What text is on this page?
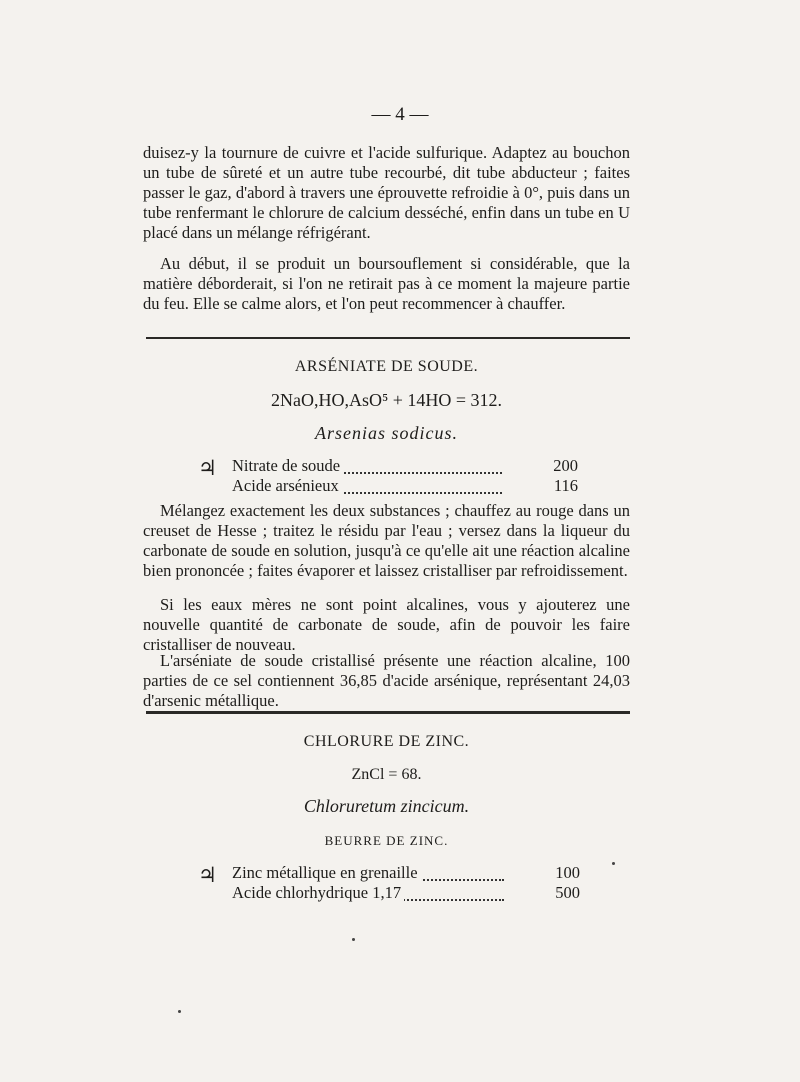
— 4 —

duisez-y la tournure de cuivre et l'acide sulfurique. Adaptez au bouchon un tube de sûreté et un autre tube recourbé, dit tube abducteur ; faites passer le gaz, d'abord à travers une éprouvette refroidie à 0°, puis dans un tube renfermant le chlorure de calcium desséché, enfin dans un tube en U placé dans un mélange réfrigérant.

Au début, il se produit un boursouflement si considérable, que la matière déborderait, si l'on ne retirait pas à ce moment la majeure partie du feu. Elle se calme alors, et l'on peut recommencer à chauffer.

ARSÉNIATE DE SOUDE.
2NaO,HO,AsO⁵ + 14HO = 312.
Arsenias sodicus.
♃ Nitrate de soude	200
Acide arsénieux	116

Mélangez exactement les deux substances ; chauffez au rouge dans un creuset de Hesse ; traitez le résidu par l'eau ; versez dans la liqueur du carbonate de soude en solution, jusqu'à ce qu'elle ait une réaction alcaline bien prononcée ; faites évaporer et laissez cristalliser par refroidissement.

Si les eaux mères ne sont point alcalines, vous y ajouterez une nouvelle quantité de carbonate de soude, afin de pouvoir les faire cristalliser de nouveau.

L'arséniate de soude cristallisé présente une réaction alcaline, 100 parties de ce sel contiennent 36,85 d'acide arsénique, représentant 24,03 d'arsenic métallique.

CHLORURE DE ZINC.
ZnCl = 68.
Chloruretum zincicum.
BEURRE DE ZINC.
♃ Zinc métallique en grenaille	100
Acide chlorhydrique 1,17	500
